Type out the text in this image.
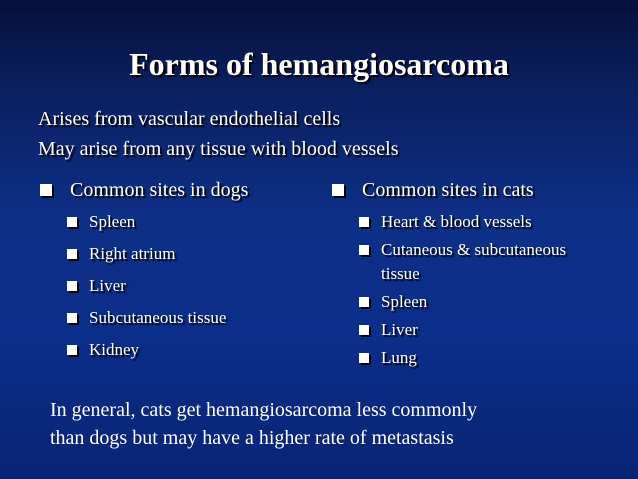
Forms of hemangiosarcoma
Arises from vascular endothelial cells
May arise from any tissue with blood vessels
Common sites in dogs
Spleen
Right atrium
Liver
Subcutaneous tissue
Kidney
Common sites in cats
Heart & blood vessels
Cutaneous & subcutaneous tissue
Spleen
Liver
Lung
In general, cats get hemangiosarcoma less commonly
than dogs but may have a higher rate of metastasis
